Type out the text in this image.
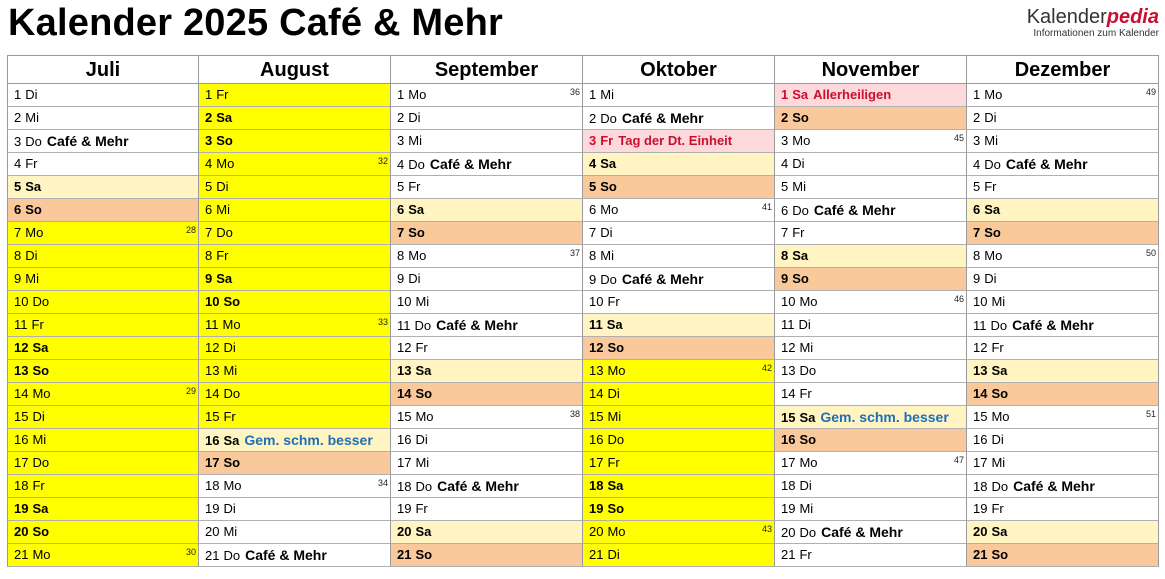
Kalender 2025 Café & Mehr	Kalenderpedia
Informationen zum Kalender
Juli	August	September	Oktober	November	Dezember
1 Di	1 Fr	1 Mo	36 1 Mi	1 Sa Allerheiligen	1 Mo	49
2 Mi	2 Sa	2 Di	2 Do Café & Mehr	2 So	2 Di
3 Do Café & Mehr	3 So	3 Mi	3 Fr Tag der Dt. Einheit	3 Mo	45 3 Mi
4 Fr	4 Mo	32 4 Do Café & Mehr	4 Sa	4 Di	4 Do Café & Mehr
5 Sa	5 Di	5 Fr	5 So	5 Mi	5 Fr
6 So	6 Mi	6 Sa	6 Mo	41 6 Do Café & Mehr	6 Sa
7 Mo	28 7 Do	7 So	7 Di	7 Fr	7 So
8 Di	8 Fr	8 Mo	37 8 Mi	8 Sa	8 Mo	50
9 Mi	9 Sa	9 Di	9 Do Café & Mehr	9 So	9 Di
10 Do	10 So	10 Mi	10 Fr	10 Mo	46 10 Mi
11 Fr	11 Mo	33 11 Do Café & Mehr	11 Sa	11 Di	11 Do Café & Mehr
12 Sa	12 Di	12 Fr	12 So	12 Mi	12 Fr
13 So	13 Mi	13 Sa	13 Mo	42 13 Do	13 Sa
14 Mo	29 14 Do	14 So	14 Di	14 Fr	14 So
15 Di	15 Fr	15 Mo	38 15 Mi	15 Sa Gem. schm. besser	15 Mo	51
16 Mi	16 Sa Gem. schm. besser	16 Di	16 Do	16 So	16 Di
17 Do	17 So	17 Mi	17 Fr	17 Mo	47 17 Mi
18 Fr	18 Mo	34 18 Do Café & Mehr	18 Sa	18 Di	18 Do Café & Mehr
19 Sa	19 Di	19 Fr	19 So	19 Mi	19 Fr
20 So	20 Mi	20 Sa	20 Mo	43 20 Do Café & Mehr	20 Sa
21 Mo	30 21 Do Café & Mehr	21 So	21 Di	21 Fr	21 So
